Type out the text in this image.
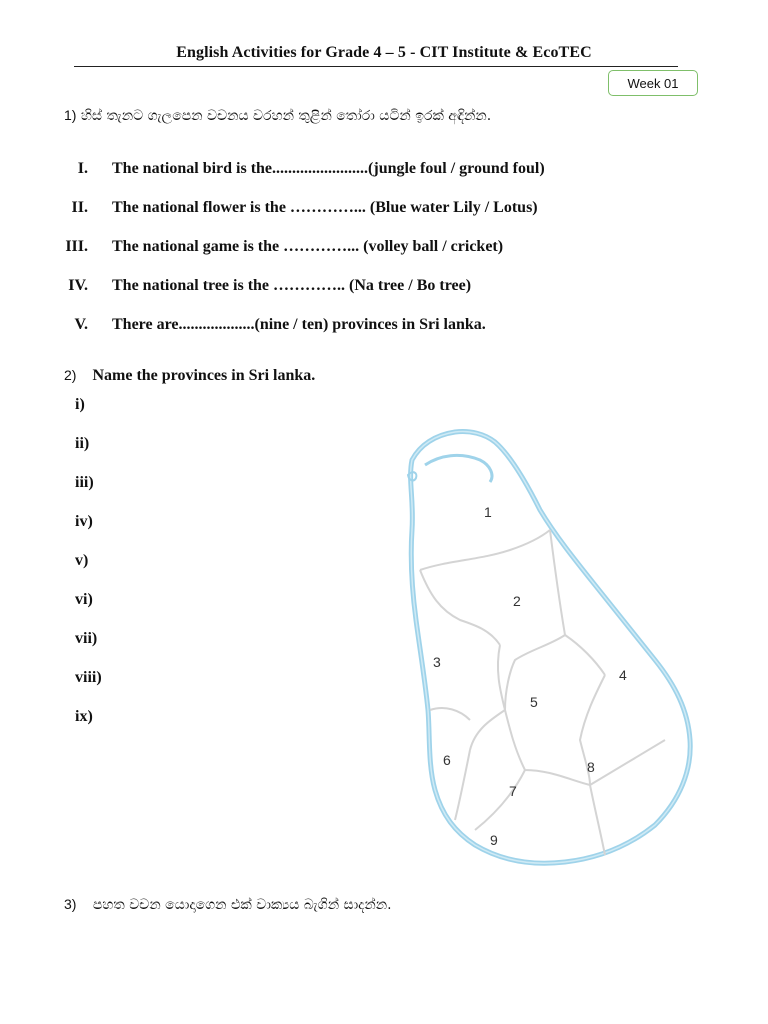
English Activities for Grade 4 – 5 - CIT Institute & EcoTEC
Week 01
1) හිස් තැනට ගැලපෙන වචනය වරහන් තුළින් තෝරා යටින් ඉරක් අඳින්න.
I. The national bird is the........................(jungle foul / ground foul)
II. The national flower is the …………... (Blue water Lily / Lotus)
III. The national game is the …………... (volley ball / cricket)
IV. The national tree is the ………….. (Na tree / Bo tree)
V. There are...................(nine / ten) provinces in Sri lanka.
2) Name the provinces in Sri lanka.
i)
ii)
iii)
iv)
v)
vi)
vii)
viii)
ix)
1
2
3
4
5
6
7
8
9
3) පහත වචන යොදාගෙන එක් වාක්‍යය බැගින් සාදන්න.
